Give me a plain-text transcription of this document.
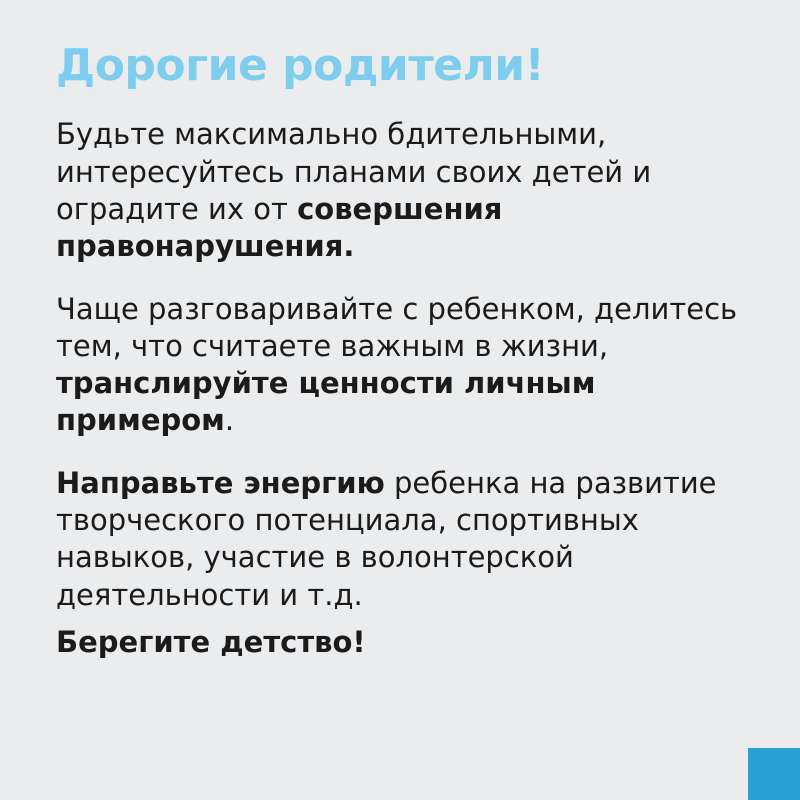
Дорогие родители!

Будьте максимально бдительными, интересуйтесь планами своих детей и оградите их от совершения правонарушения.

Чаще разговаривайте с ребенком, делитесь тем, что считаете важным в жизни, транслируйте ценности личным примером.

Направьте энергию ребенка на развитие творческого потенциала, спортивных навыков, участие в волонтерской деятельности и т.д.

Берегите детство!
